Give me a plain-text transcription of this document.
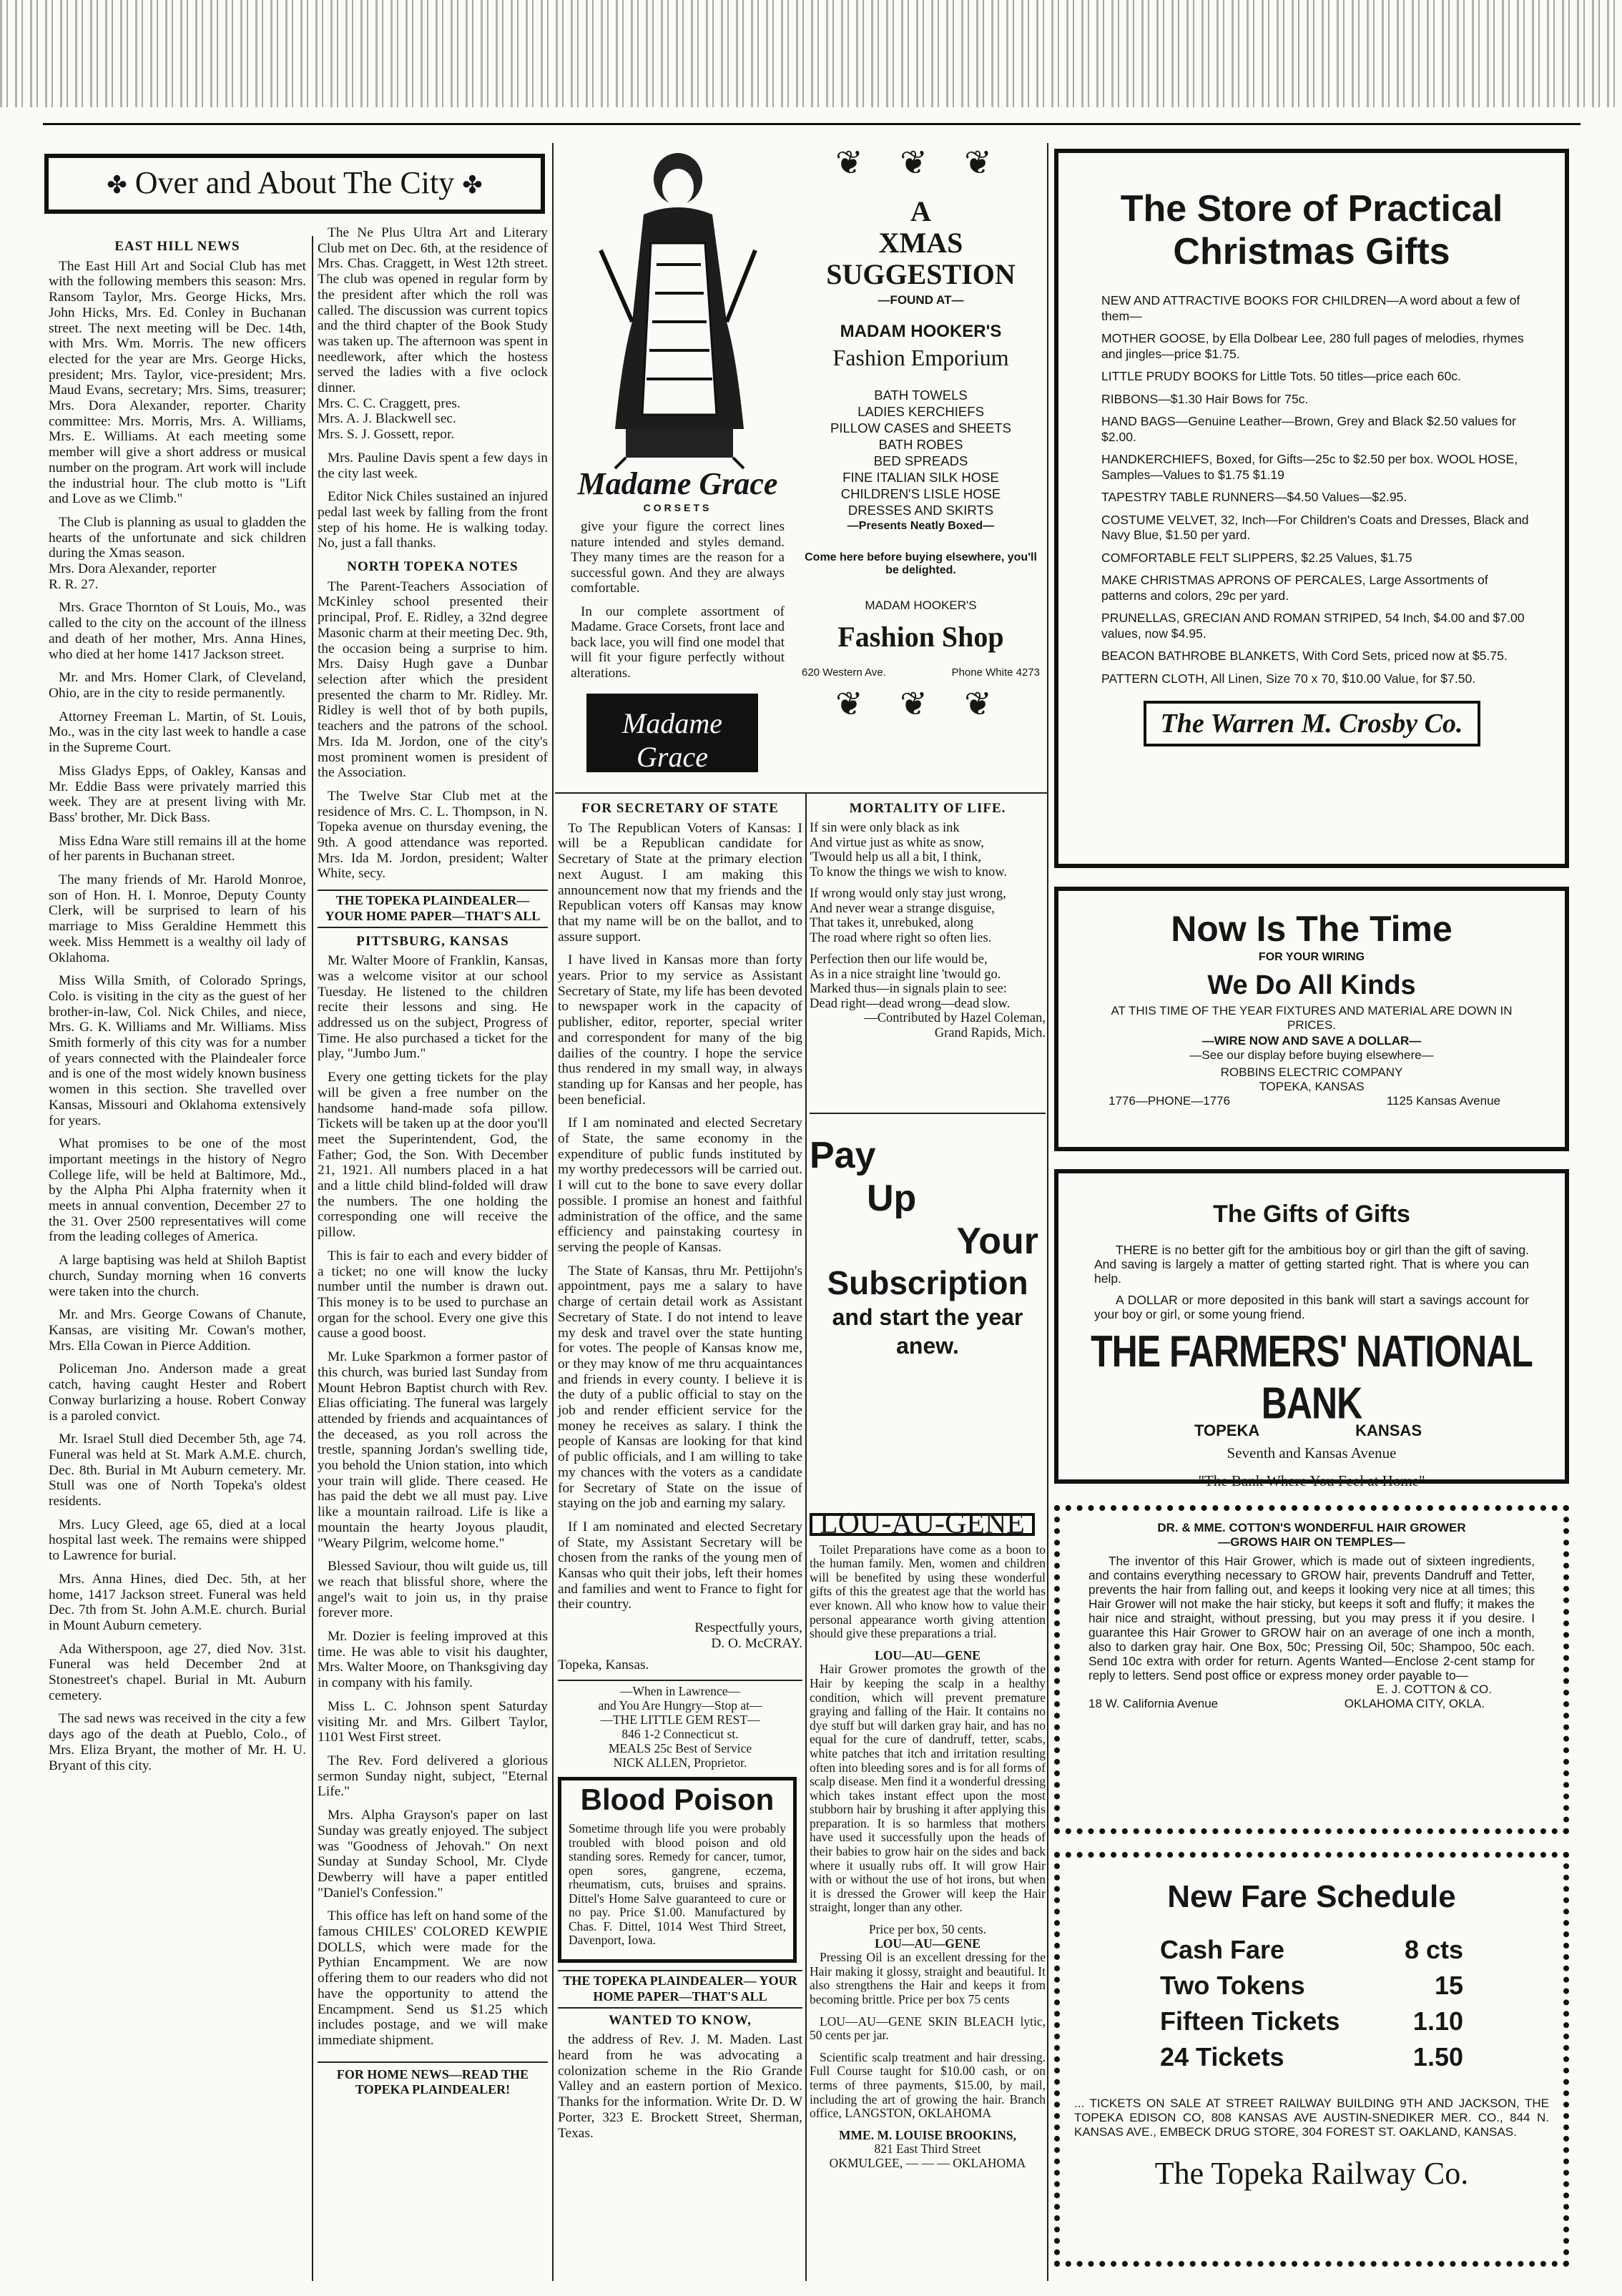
✤ Over and About The City ✤
EAST HILL NEWS

The East Hill Art and Social Club has met with the following members this season: Mrs. Ransom Taylor, Mrs. George Hicks, Mrs. John Hicks, Mrs. Ed. Conley in Buchanan street. The next meeting will be Dec. 14th, with Mrs. Wm. Morris. The new officers elected for the year are Mrs. George Hicks, president; Mrs. Taylor, vice-president; Mrs. Maud Evans, secretary; Mrs. Sims, treasurer; Mrs. Dora Alexander, reporter. Charity committee: Mrs. Morris, Mrs. A. Williams, Mrs. E. Williams. At each meeting some member will give a short address or musical number on the program. Art work will include the industrial hour. The club motto is "Lift and Love as we Climb."

The Club is planning as usual to gladden the hearts of the unfortunate and sick children during the Xmas season.
Mrs. Dora Alexander, reporter
R. R. 27.

Mrs. Grace Thornton of St Louis, Mo., was called to the city on the account of the illness and death of her mother, Mrs. Anna Hines, who died at her home 1417 Jackson street.

Mr. and Mrs. Homer Clark, of Cleveland, Ohio, are in the city to reside permanently.

Attorney Freeman L. Martin, of St. Louis, Mo., was in the city last week to handle a case in the Supreme Court.

Miss Gladys Epps, of Oakley, Kansas and Mr. Eddie Bass were privately married this week. They are at present living with Mr. Bass' brother, Mr. Dick Bass.

Miss Edna Ware still remains ill at the home of her parents in Buchanan street.

The many friends of Mr. Harold Monroe, son of Hon. H. I. Monroe, Deputy County Clerk, will be surprised to learn of his marriage to Miss Geraldine Hemmett this week. Miss Hemmett is a wealthy oil lady of Oklahoma.

Miss Willa Smith, of Colorado Springs, Colo. is visiting in the city as the guest of her brother-in-law, Col. Nick Chiles, and niece, Mrs. G. K. Williams and Mr. Williams. Miss Smith formerly of this city was for a number of years connected with the Plaindealer force and is one of the most widely known business women in this section. She travelled over Kansas, Missouri and Oklahoma extensively for years.

What promises to be one of the most important meetings in the history of Negro College life, will be held at Baltimore, Md., by the Alpha Phi Alpha fraternity when it meets in annual convention, December 27 to the 31. Over 2500 representatives will come from the leading colleges of America.

A large baptising was held at Shiloh Baptist church, Sunday morning when 16 converts were taken into the church.

Mr. and Mrs. George Cowans of Chanute, Kansas, are visiting Mr. Cowan's mother, Mrs. Ella Cowan in Pierce Addition.

Policeman Jno. Anderson made a great catch, having caught Hester and Robert Conway burlarizing a house. Robert Conway is a paroled convict.

Mr. Israel Stull died December 5th, age 74. Funeral was held at St. Mark A.M.E. church, Dec. 8th. Burial in Mt Auburn cemetery. Mr. Stull was one of North Topeka's oldest residents.

Mrs. Lucy Gleed, age 65, died at a local hospital last week. The remains were shipped to Lawrence for burial.

Mrs. Anna Hines, died Dec. 5th, at her home, 1417 Jackson street. Funeral was held Dec. 7th from St. John A.M.E. church. Burial in Mount Auburn cemetery.

Ada Witherspoon, age 27, died Nov. 31st. Funeral was held December 2nd at Stonestreet's chapel. Burial in Mt. Auburn cemetery.

The sad news was received in the city a few days ago of the death at Pueblo, Colo., of Mrs. Eliza Bryant, the mother of Mr. H. U. Bryant of this city.

The Ne Plus Ultra Art and Literary Club met on Dec. 6th, at the residence of Mrs. Chas. Craggett, in West 12th street. The club was opened in regular form by the president after which the roll was called. The discussion was current topics and the third chapter of the Book Study was taken up. The afternoon was spent in needlework, after which the hostess served the ladies with a five oclock dinner.
Mrs. C. C. Craggett, pres.
Mrs. A. J. Blackwell sec.
Mrs. S. J. Gossett, repor.

Mrs. Pauline Davis spent a few days in the city last week.

Editor Nick Chiles sustained an injured pedal last week by falling from the front step of his home. He is walking today. No, just a fall thanks.

NORTH TOPEKA NOTES

The Parent-Teachers Association of McKinley school presented their principal, Prof. E. Ridley, a 32nd degree Masonic charm at their meeting Dec. 9th, the occasion being a surprise to him. Mrs. Daisy Hugh gave a Dunbar selection after which the president presented the charm to Mr. Ridley. Mr. Ridley is well thot of by both pupils, teachers and the patrons of the school. Mrs. Ida M. Jordon, one of the city's most prominent women is president of the Association.

The Twelve Star Club met at the residence of Mrs. C. L. Thompson, in N. Topeka avenue on thursday evening, the 9th. A good attendance was reported. Mrs. Ida M. Jordon, president; Walter White, secy.

THE TOPEKA PLAINDEALER— YOUR HOME PAPER—THAT'S ALL
PITTSBURG, KANSAS

Mr. Walter Moore of Franklin, Kansas, was a welcome visitor at our school Tuesday. He listened to the children recite their lessons and sing. He addressed us on the subject, Progress of Time. He also purchased a ticket for the play, "Jumbo Jum."

Every one getting tickets for the play will be given a free number on the handsome hand-made sofa pillow. Tickets will be taken up at the door you'll meet the Superintendent, God, the Father; God, the Son. With December 21, 1921. All numbers placed in a hat and a little child blind-folded will draw the numbers. The one holding the corresponding one will receive the pillow.

This is fair to each and every bidder of a ticket; no one will know the lucky number until the number is drawn out. This money is to be used to purchase an organ for the school. Every one give this cause a good boost.

Mr. Luke Sparkmon a former pastor of this church, was buried last Sunday from Mount Hebron Baptist church with Rev. Elias officiating. The funeral was largely attended by friends and acquaintances of the deceased, as you roll across the trestle, spanning Jordan's swelling tide, you behold the Union station, into which your train will glide. There ceased. He has paid the debt we all must pay. Live like a mountain railroad. Life is like a mountain the hearty Joyous plaudit, "Weary Pilgrim, welcome home."

Blessed Saviour, thou wilt guide us, till we reach that blissful shore, where the angel's wait to join us, in thy praise forever more.

Mr. Dozier is feeling improved at this time. He was able to visit his daughter, Mrs. Walter Moore, on Thanksgiving day in company with his family.

Miss L. C. Johnson spent Saturday visiting Mr. and Mrs. Gilbert Taylor, 1101 West First street.

The Rev. Ford delivered a glorious sermon Sunday night, subject, "Eternal Life."

Mrs. Alpha Grayson's paper on last Sunday was greatly enjoyed. The subject was "Goodness of Jehovah." On next Sunday at Sunday School, Mr. Clyde Dewberry will have a paper entitled "Daniel's Confession."

This office has left on hand some of the famous CHILES' COLORED KEWPIE DOLLS, which were made for the Pythian Encampment. We are now offering them to our readers who did not have the opportunity to attend the Encampment. Send us $1.25 which includes postage, and we will make immediate shipment.

FOR HOME NEWS—READ THE TOPEKA PLAINDEALER!
Madame Grace
CORSETS

give your figure the correct lines nature intended and styles demand. They many times are the reason for a successful gown. And they are always comfortable.

In our complete assortment of Madame. Grace Corsets, front lace and back lace, you will find one model that will fit your figure perfectly without alterations.

Madame Grace
CORSETS BANDEAUX
❦ ❦ ❦
A
XMAS
SUGGESTION
—FOUND AT—
MADAM HOOKER'S
Fashion Emporium
BATH TOWELS
LADIES KERCHIEFS
PILLOW CASES and SHEETS
BATH ROBES
BED SPREADS
FINE ITALIAN SILK HOSE
CHILDREN'S LISLE HOSE
DRESSES AND SKIRTS
—Presents Neatly Boxed—
Come here before buying elsewhere, you'll be delighted.
MADAM HOOKER'S
Fashion Shop
620 Western Ave.	Phone White 4273
❦ ❦ ❦
FOR SECRETARY OF STATE

To The Republican Voters of Kansas: I will be a Republican candidate for Secretary of State at the primary election next August. I am making this announcement now that my friends and the Republican voters off Kansas may know that my name will be on the ballot, and to assure support.

I have lived in Kansas more than forty years. Prior to my service as Assistant Secretary of State, my life has been devoted to newspaper work in the capacity of publisher, editor, reporter, special writer and correspondent for many of the big dailies of the country. I hope the service thus rendered in my small way, in always standing up for Kansas and her people, has been beneficial.

If I am nominated and elected Secretary of State, the same economy in the expenditure of public funds instituted by my worthy predecessors will be carried out. I will cut to the bone to save every dollar possible. I promise an honest and faithful administration of the office, and the same efficiency and painstaking courtesy in serving the people of Kansas.

The State of Kansas, thru Mr. Pettijohn's appointment, pays me a salary to have charge of certain detail work as Assistant Secretary of State. I do not intend to leave my desk and travel over the state hunting for votes. The people of Kansas know me, or they may know of me thru acquaintances and friends in every county. I believe it is the duty of a public official to stay on the job and render efficient service for the money he receives as salary. I think the people of Kansas are looking for that kind of public officials, and I am willing to take my chances with the voters as a candidate for Secretary of State on the issue of staying on the job and earning my salary.

If I am nominated and elected Secretary of State, my Assistant Secretary will be chosen from the ranks of the young men of Kansas who quit their jobs, left their homes and families and went to France to fight for their country.

Respectfully yours,
D. O. McCRAY.
Topeka, Kansas.
—When in Lawrence—
and You Are Hungry—Stop at—
—THE LITTLE GEM REST—
846 1-2 Connecticut st.
MEALS 25c Best of Service
NICK ALLEN, Proprietor.
Blood Poison

Sometime through life you were probably troubled with blood poison and old standing sores. Remedy for cancer, tumor, open sores, gangrene, eczema, rheumatism, cuts, bruises and sprains. Dittel's Home Salve guaranteed to cure or no pay. Price $1.00. Manufactured by Chas. F. Dittel, 1014 West Third Street, Davenport, Iowa.

THE TOPEKA PLAINDEALER— YOUR HOME PAPER—THAT'S ALL
WANTED TO KNOW,

the address of Rev. J. M. Maden. Last heard from he was advocating a colonization scheme in the Rio Grande Valley and an eastern portion of Mexico. Thanks for the information. Write Dr. D. W Porter, 323 E. Brockett Street, Sherman, Texas.

MORTALITY OF LIFE.
If sin were only black as ink
And virtue just as white as snow,
'Twould help us all a bit, I think,
To know the things we wish to know.
If wrong would only stay just wrong,
And never wear a strange disguise,
That takes it, unrebuked, along
The road where right so often lies.
Perfection then our life would be,
As in a nice straight line 'twould go.
Marked thus—in signals plain to see:
Dead right—dead wrong—dead slow.
—Contributed by Hazel Coleman,
Grand Rapids, Mich.
Pay
Up
Your
Subscription
and start the year
anew.
LOU-AU-GENE

Toilet Preparations have come as a boon to the human family. Men, women and children will be benefited by using these wonderful gifts of this the greatest age that the world has ever known. All who know how to value their personal appearance worth giving attention should give these preparations a trial.

LOU—AU—GENE

Hair Grower promotes the growth of the Hair by keeping the scalp in a healthy condition, which will prevent premature graying and falling of the Hair. It contains no dye stuff but will darken gray hair, and has no equal for the cure of dandruff, tetter, scabs, white patches that itch and irritation resulting often into bleeding sores and is for all forms of scalp disease. Men find it a wonderful dressing which takes instant effect upon the most stubborn hair by brushing it after applying this preparation. It is so harmless that mothers have used it successfully upon the heads of their babies to grow hair on the sides and back where it usually rubs off. It will grow Hair with or without the use of hot irons, but when it is dressed the Grower will keep the Hair straight, longer than any other.

Price per box, 50 cents.
LOU—AU—GENE

Pressing Oil is an excellent dressing for the Hair making it glossy, straight and beautiful. It also strengthens the Hair and keeps it from becoming brittle. Price per box 75 cents

LOU—AU—GENE SKIN BLEACH lytic, 50 cents per jar.

Scientific scalp treatment and hair dressing. Full Course taught for $10.00 cash, or on terms of three payments, $15.00, by mail, including the art of growing the hair. Branch office, LANGSTON, OKLAHOMA

MME. M. LOUISE BROOKINS,
821 East Third Street
OKMULGEE, — — — OKLAHOMA
The Store of Practical
Christmas Gifts

NEW AND ATTRACTIVE BOOKS FOR CHILDREN—A word about a few of them—

MOTHER GOOSE, by Ella Dolbear Lee, 280 full pages of melodies, rhymes and jingles—price $1.75.

LITTLE PRUDY BOOKS for Little Tots. 50 titles—price each 60c.

RIBBONS—$1.30 Hair Bows for 75c.

HAND BAGS—Genuine Leather—Brown, Grey and Black $2.50 values for $2.00.

HANDKERCHIEFS, Boxed, for Gifts—25c to $2.50 per box. WOOL HOSE, Samples—Values to $1.75 $1.19

TAPESTRY TABLE RUNNERS—$4.50 Values—$2.95.

COSTUME VELVET, 32, Inch—For Children's Coats and Dresses, Black and Navy Blue, $1.50 per yard.

COMFORTABLE FELT SLIPPERS, $2.25 Values, $1.75

MAKE CHRISTMAS APRONS OF PERCALES, Large Assortments of patterns and colors, 29c per yard.

PRUNELLAS, GRECIAN AND ROMAN STRIPED, 54 Inch, $4.00 and $7.00 values, now $4.95.

BEACON BATHROBE BLANKETS, With Cord Sets, priced now at $5.75.

PATTERN CLOTH, All Linen, Size 70 x 70, $10.00 Value, for $7.50.

The Warren M. Crosby Co.
Now Is The Time
FOR YOUR WIRING
We Do All Kinds
AT THIS TIME OF THE YEAR FIXTURES AND MATERIAL ARE DOWN IN PRICES.
—WIRE NOW AND SAVE A DOLLAR—
—See our display before buying elsewhere—
ROBBINS ELECTRIC COMPANY
TOPEKA, KANSAS
1776—PHONE—1776	1125 Kansas Avenue
The Gifts of Gifts

THERE is no better gift for the ambitious boy or girl than the gift of saving. And saving is largely a matter of getting started right. That is where you can help.

A DOLLAR or more deposited in this bank will start a savings account for your boy or girl, or some young friend.

THE FARMERS' NATIONAL BANK
TOPEKA	KANSAS
Seventh and Kansas Avenue
"The Bank Where You Feel at Home"
DR. & MME. COTTON'S WONDERFUL HAIR GROWER
—GROWS HAIR ON TEMPLES—

The inventor of this Hair Grower, which is made out of sixteen ingredients, and contains everything necessary to GROW hair, prevents Dandruff and Tetter, prevents the hair from falling out, and keeps it looking very nice at all times; this Hair Grower will not make the hair sticky, but keeps it soft and fluffy; it makes the hair nice and straight, without pressing, but you may press it if you desire. I guarantee this Hair Grower to GROW hair on an average of one inch a month, also to darken gray hair. One Box, 50c; Pressing Oil, 50c; Shampoo, 50c each. Send 10c extra with order for return. Agents Wanted—Enclose 2-cent stamp for reply to letters. Send post office or express money order payable to—

E. J. COTTON & CO.
18 W. California Avenue	OKLAHOMA CITY, OKLA.
New Fare Schedule
Cash Fare	8 cts
Two Tokens	15
Fifteen Tickets	1.10
24 Tickets	1.50

... TICKETS ON SALE AT STREET RAILWAY BUILDING 9TH AND JACKSON, THE TOPEKA EDISON CO, 808 KANSAS AVE AUSTIN-SNEDIKER MER. CO., 844 N. KANSAS AVE., EMBECK DRUG STORE, 304 FOREST ST. OAKLAND, KANSAS.

The Topeka Railway Co.
